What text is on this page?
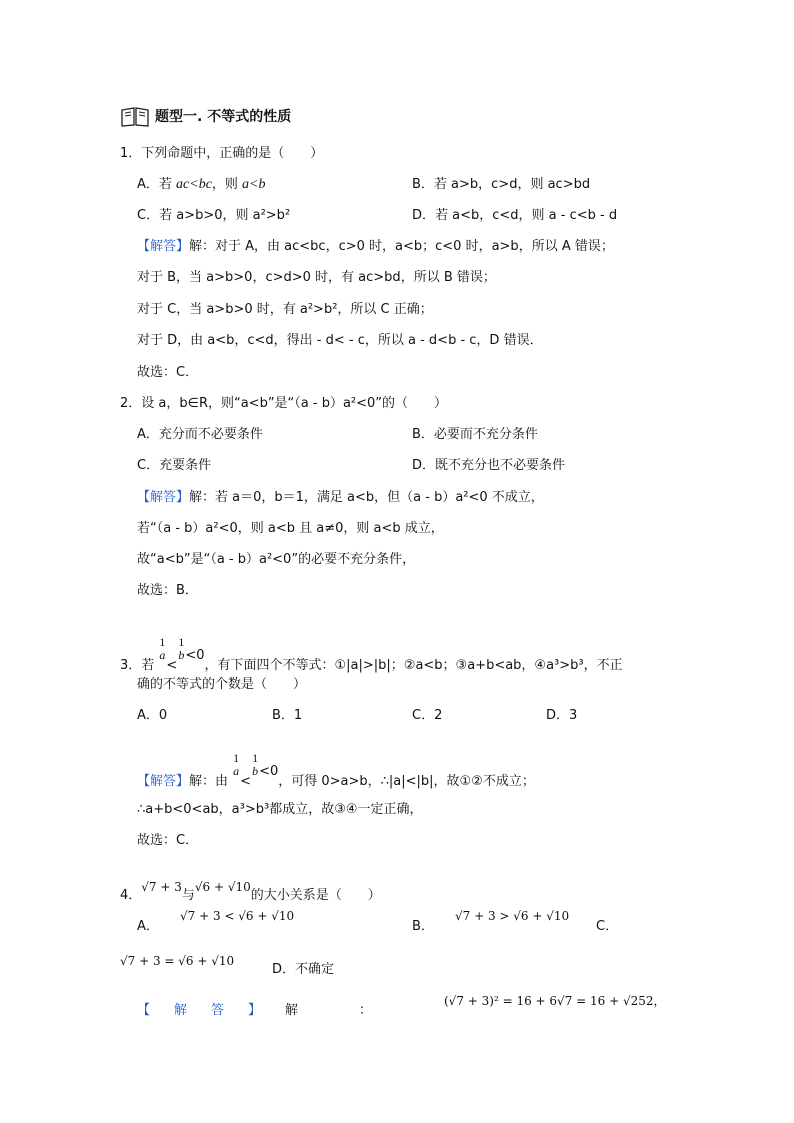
题型一. 不等式的性质
1．下列命题中，正确的是（　　）
A．若 ac<bc，则 a<b	B．若 a>b，c>d，则 ac>bd
C．若 a>b>0，则 a²>b²	D．若 a<b，c<d，则 a - c<b - d
【解答】解：对于 A，由 ac<bc，c>0 时，a<b；c<0 时，a>b，所以 A 错误；
对于 B，当 a>b>0，c>d>0 时，有 ac>bd，所以 B 错误；
对于 C，当 a>b>0 时，有 a²>b²，所以 C 正确；
对于 D，由 a<b，c<d，得出 - d< - c，所以 a - d<b - c，D 错误．
故选：C．
2．设 a，b∈R，则“a<b”是“（a - b）a²<0”的（　　）
A．充分而不必要条件	B．必要而不充分条件
C．充要条件	D．既不充分也不必要条件
【解答】解：若 a＝0，b＝1，满足 a<b，但（a - b）a²<0 不成立，
若“（a - b）a²<0，则 a<b 且 a≠0，则 a<b 成立，
故“a<b”是“（a - b）a²<0”的必要不充分条件，
故选：B．
3．若
1
a
<
1
b <0，有下面四个不等式：①|a|>|b|；②a<b；③a+b<ab，④a³>b³，不正
确的不等式的个数是（　　）
A．0	B．1	C．2	D．3
【解答】解：由
1
a
<
1
b <0，可得 0>a>b，∴|a|<|b|，故①②不成立；
∴a+b<0<ab，a³>b³都成立，故③④一定正确，
故选：C．
4．√7 + 3与√6 + √10的大小关系是（　　）
A．
√7 + 3 < √6 + √10
B．
√7 + 3 > √6 + √10
C．
√7 + 3 = √6 + √10
D．不确定
【解答】解　：
(√7 + 3)² = 16 + 6√7 = 16 + √252，
